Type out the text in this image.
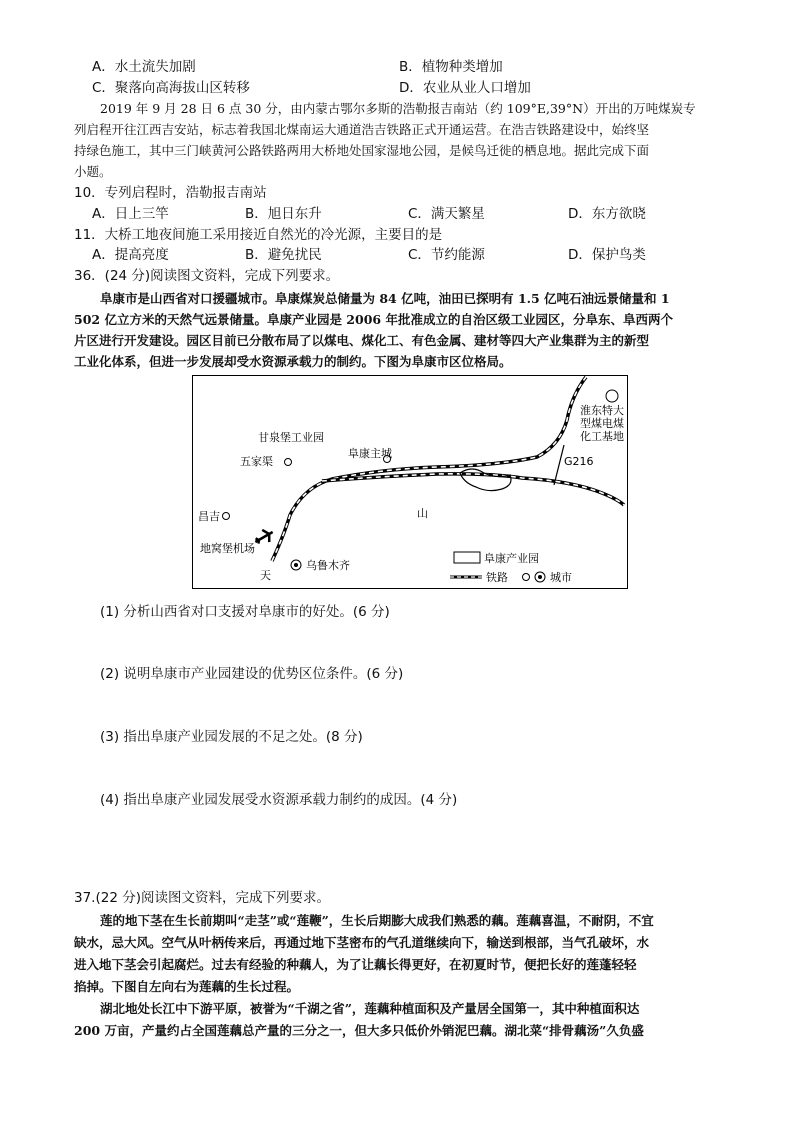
A．水土流失加剧	B．植物种类增加
C．聚落向高海拔山区转移	D．农业从业人口增加
2019 年 9 月 28 日 6 点 30 分，由内蒙古鄂尔多斯的浩勒报吉南站（约 109°E,39°N）开出的万吨煤炭专
列启程开往江西吉安站，标志着我国北煤南运大通道浩吉铁路正式开通运营。在浩吉铁路建设中，始终坚
持绿色施工，其中三门峡黄河公路铁路两用大桥地处国家湿地公园，是候鸟迁徙的栖息地。据此完成下面
小题。
10．专列启程时，浩勒报吉南站
A．日上三竿	B．旭日东升	C．满天繁星	D．东方欲晓
11．大桥工地夜间施工采用接近自然光的冷光源，主要目的是
A．提高亮度	B．避免扰民	C．节约能源	D．保护鸟类
36．(24 分)阅读图文资料，完成下列要求。
阜康市是山西省对口援疆城市。阜康煤炭总储量为 84 亿吨，油田已探明有 1.5 亿吨石油远景储量和 1
502 亿立方米的天然气远景储量。阜康产业园是 2006 年批准成立的自治区级工业园区，分阜东、阜西两个
片区进行开发建设。园区目前已分散布局了以煤电、煤化工、有色金属、建材等四大产业集群为主的新型
工业化体系，但进一步发展却受水资源承载力的制约。下图为阜康市区位格局。
甘泉堡工业园
五家渠
阜康主城
淮东特大
型煤电煤
化工基地
G216
昌吉	山
地窝堡机场
天
乌鲁木齐
阜康产业园
铁路	城市
(1) 分析山西省对口支援对阜康市的好处。(6 分)
(2) 说明阜康市产业园建设的优势区位条件。(6 分)
(3) 指出阜康产业园发展的不足之处。(8 分)
(4) 指出阜康产业园发展受水资源承载力制约的成因。(4 分)
37.(22 分)阅读图文资料，完成下列要求。
莲的地下茎在生长前期叫“走茎”或“莲鞭”，生长后期膨大成我们熟悉的藕。莲藕喜温，不耐阴，不宜
缺水，忌大风。空气从叶柄传来后，再通过地下茎密布的气孔道继续向下，输送到根部，当气孔破坏，水
进入地下茎会引起腐烂。过去有经验的种藕人，为了让藕长得更好，在初夏时节，便把长好的莲蓬轻轻
掐掉。下图自左向右为莲藕的生长过程。
湖北地处长江中下游平原，被誉为“千湖之省”，莲藕种植面积及产量居全国第一，其中种植面积达
200 万亩，产量约占全国莲藕总产量的三分之一，但大多只低价外销泥巴藕。湖北菜“排骨藕汤”久负盛
